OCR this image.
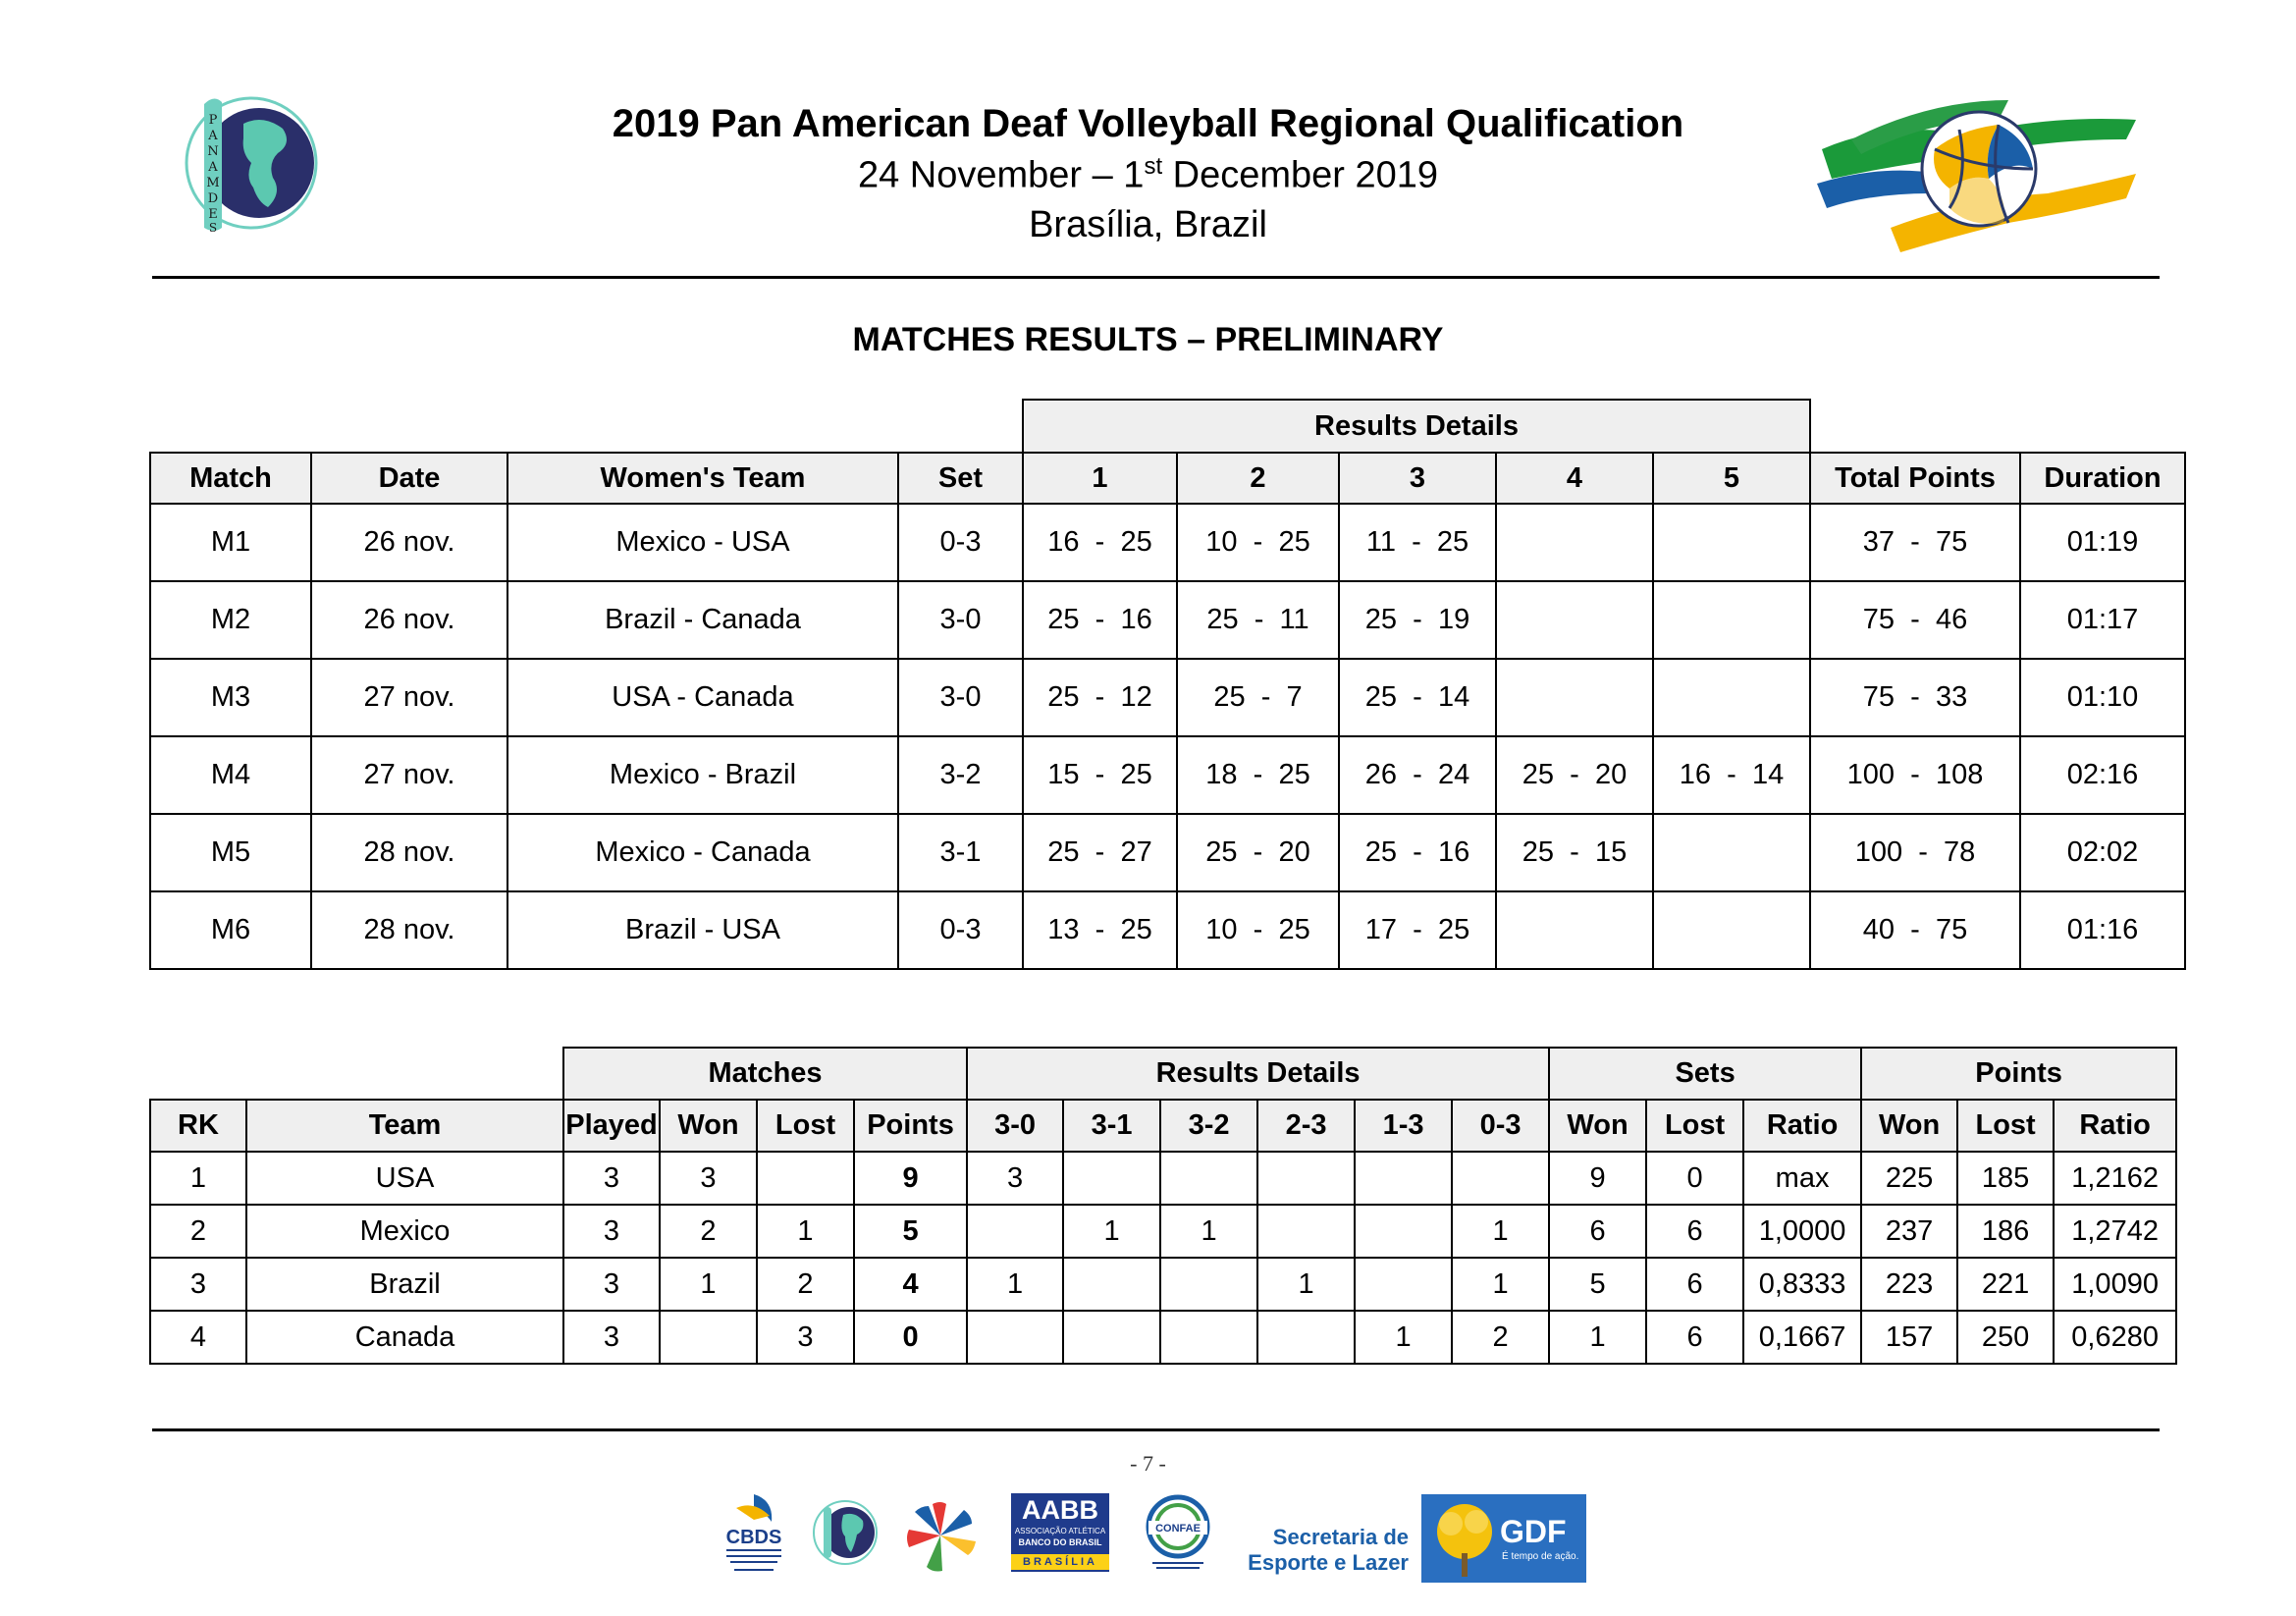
P
A
N
A
M
D
E
S
2019 Pan American Deaf Volleyball Regional Qualification
24 November – 1st December 2019
Brasília, Brazil
MATCHES RESULTS – PRELIMINARY
				Results Details						
Match	Date	Women's Team	Set	1	2	3	4	5	Total Points	Duration
M1	26 nov.	Mexico - USA	0-3	16  -  25	10  -  25	11  -  25			37  -  75	01:19
M2	26 nov.	Brazil - Canada	3-0	25  -  16	25  -  11	25  -  19			75  -  46	01:17
M3	27 nov.	USA - Canada	3-0	25  -  12	25  -  7	25  -  14			75  -  33	01:10
M4	27 nov.	Mexico - Brazil	3-2	15  -  25	18  -  25	26  -  24	25  -  20	16  -  14	100  -  108	02:16
M5	28 nov.	Mexico - Canada	3-1	25  -  27	25  -  20	25  -  16	25  -  15		100  -  78	02:02
M6	28 nov.	Brazil - USA	0-3	13  -  25	10  -  25	17  -  25			40  -  75	01:16
		Matches				Results Details						Sets			Points		
RK	Team	Played	Won	Lost	Points	3-0	3-1	3-2	2-3	1-3	0-3	Won	Lost	Ratio	Won	Lost	Ratio
1	USA	3	3		9	3						9	0	max	225	185	1,2162
2	Mexico	3	2	1	5		1	1			1	6	6	1,0000	237	186	1,2742
3	Brazil	3	1	2	4	1			1		1	5	6	0,8333	223	221	1,0090
4	Canada	3		3	0					1	2	1	6	0,1667	157	250	0,6280
- 7 -
CBDS
AABB
ASSOCIAÇÃO ATLÉTICA
BANCO DO BRASIL
BRASÍLIA
CONFAE	Secretaria de
Esporte e Lazer
GDF
É tempo de ação.
